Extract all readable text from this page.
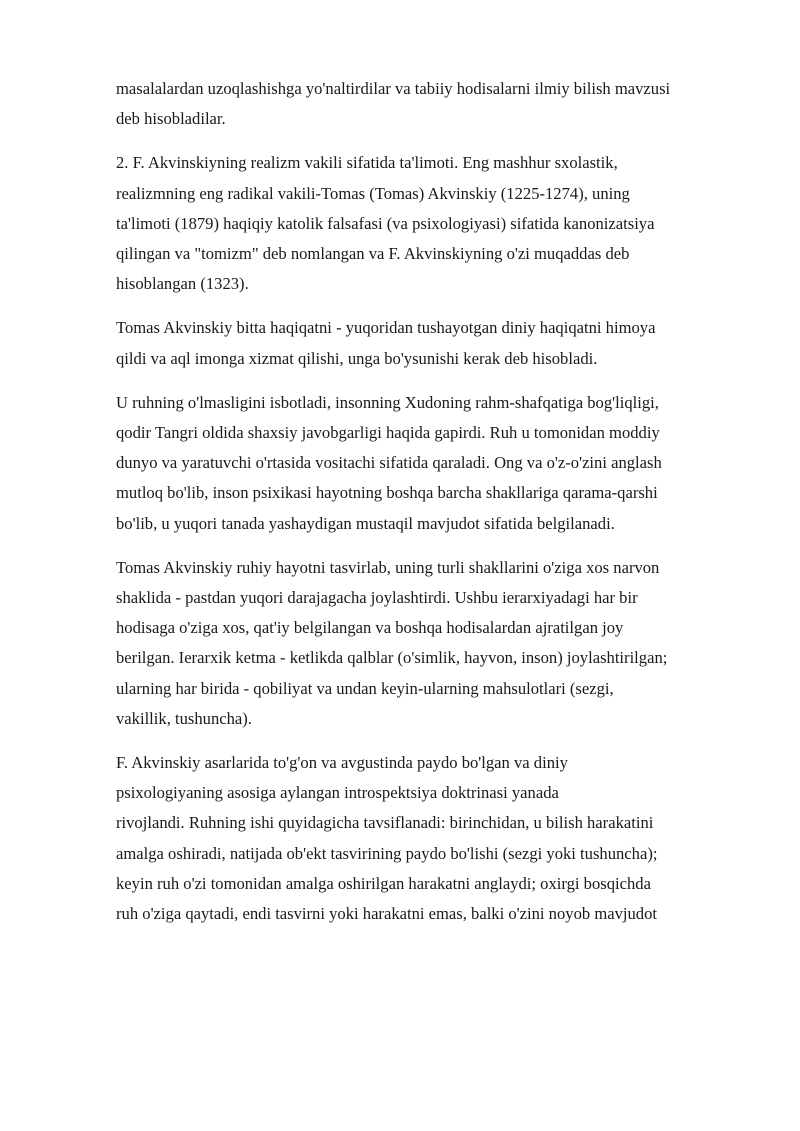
masalalardan uzoqlashishga yo'naltirdilar va tabiiy hodisalarni ilmiy bilish mavzusi
deb hisobladilar.

2. F. Akvinskiyning realizm vakili sifatida ta'limoti. Eng mashhur sxolastik,
realizmning eng radikal vakili-Tomas (Tomas) Akvinskiy (1225-1274), uning
ta'limoti (1879) haqiqiy katolik falsafasi (va psixologiyasi) sifatida kanonizatsiya
qilingan va "tomizm" deb nomlangan va F. Akvinskiyning o'zi muqaddas deb
hisoblangan (1323).

Tomas Akvinskiy bitta haqiqatni - yuqoridan tushayotgan diniy haqiqatni himoya
qildi va aql imonga xizmat qilishi, unga bo'ysunishi kerak deb hisobladi.

U ruhning o'lmasligini isbotladi, insonning Xudoning rahm-shafqatiga bog'liqligi,
qodir Tangri oldida shaxsiy javobgarligi haqida gapirdi. Ruh u tomonidan moddiy
dunyo va yaratuvchi o'rtasida vositachi sifatida qaraladi. Ong va o'z-o'zini anglash
mutloq bo'lib, inson psixikasi hayotning boshqa barcha shakllariga qarama-qarshi
bo'lib, u yuqori tanada yashaydigan mustaqil mavjudot sifatida belgilanadi.

Tomas Akvinskiy ruhiy hayotni tasvirlab, uning turli shakllarini o'ziga xos narvon
shaklida - pastdan yuqori darajagacha joylashtirdi. Ushbu ierarxiyadagi har bir
hodisaga o'ziga xos, qat'iy belgilangan va boshqa hodisalardan ajratilgan joy
berilgan. Ierarxik ketma - ketlikda qalblar (o'simlik, hayvon, inson) joylashtirilgan;
ularning har birida - qobiliyat va undan keyin-ularning mahsulotlari (sezgi,
vakillik, tushuncha).

F. Akvinskiy asarlarida to'g'on va avgustinda paydo bo'lgan va diniy
psixologiyaning asosiga aylangan introspektsiya doktrinasi yanada
rivojlandi. Ruhning ishi quyidagicha tavsiflanadi: birinchidan, u bilish harakatini
amalga oshiradi, natijada ob'ekt tasvirining paydo bo'lishi (sezgi yoki tushuncha);
keyin ruh o'zi tomonidan amalga oshirilgan harakatni anglaydi; oxirgi bosqichda
ruh o'ziga qaytadi, endi tasvirni yoki harakatni emas, balki o'zini noyob mavjudot
